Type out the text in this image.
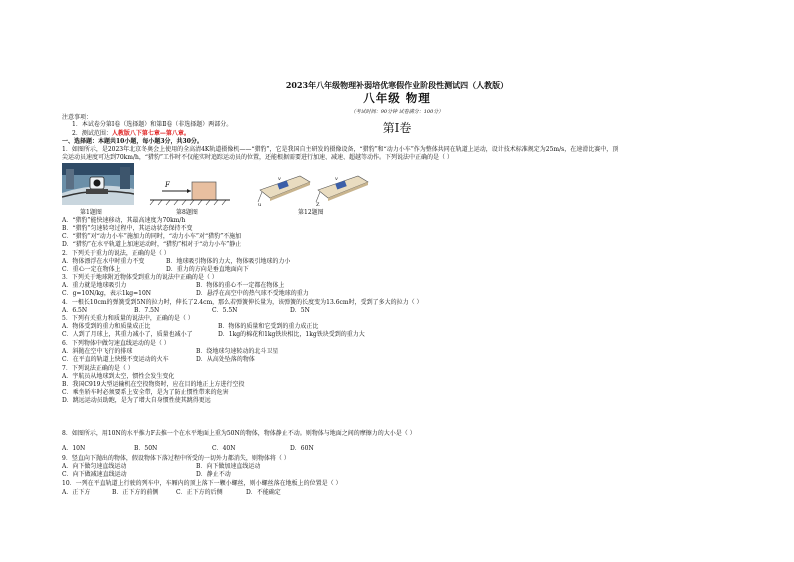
2023年八年级物理补弱培优寒假作业阶段性测试四（人教版）
八年级 物理
（考试时间：90分钟 试卷满分：100分）
注意事项：
1．本试卷分第Ⅰ卷（选择题）和第Ⅱ卷（非选择题）两部分。
2．测试范围：人教版八下第七章—第八章。	第Ⅰ卷
一、选择题：本题共10小题，每小题3分，共30分。
1．如图所示，是2023年北京冬奥会上使用的全高清4K轨道摄像机——“猎豹”，它是我国自主研发的摄像设备，“猎豹”和“动力小车”作为整体共同在轨道上运动，设计技术标准规定为25m/s，在速滑比赛中，顶
尖运动员速度可达到70km/h，“猎豹”工作时不仅能实时追踪运动员的位置，还能根据需要进行加速、减速、超越等动作。下列说法中正确的是（ ）
第1题图
F
第8题图
v	v
u	Z
第12题图
A．“猎豹”能快速移动，其最高速度为70km/h
B．“猎豹”匀速转弯过程中，其运动状态保持不变
C．“猎豹”对“动力小车”施加力的同时，“动力小车”对“猎豹”不施加
D．“猎豹”在水平轨道上加速运动时，“猎豹”相对于“动力小车”静止
2．下列关于重力的说法，正确的是（ ）
A．物体漂浮在水中时重力不变	B．地球吸引物体的力大，物体吸引地球的力小
C．重心一定在物体上	D．重力的方向是垂直地面向下
3．下列关于地球附近物体受到重力的说法中正确的是（ ）
A．重力就是地球吸引力	B．物体的重心不一定都在物体上
C．g=10N/kg，表示1kg=10N	D．悬浮在高空中的热气球不受地球的重力
4．一根长10cm的弹簧受到5N的拉力时，伸长了2.4cm，那么若弹簧伸长量为，该弹簧的长度变为13.6cm时，受到了多大的拉力（ ）
A．6.5N	B．7.5N	C．5.5N	D．5N
5．下列有关重力和质量的说法中，正确的是（ ）
A．物体受到的重力和质量成正比	B．物体的质量和它受到的重力成正比
C．人到了月球上，其重力减小了，质量也减小了	D．1kg的棉花和1kg铁块相比，1kg铁块受到的重力大
6．下列物体中做匀速直线运动的是（ ）
A．斜抛在空中飞行的排球	B．绕地球匀速转动的北斗卫星
C．在平直的轨道上快慢不变运动的火车	D．从高处坠落的物体
7．下列说法正确的是（ ）
A．宇航员从地球到太空，惯性会发生变化
B．我国C919大型运输机在空投物资时，应在目的地正上方进行空投
C．乘坐轿车时必须要系上安全带，是为了防止惯性带来的危害
D．跳远运动员助跑，是为了增大自身惯性使其跳得更远
8．如图所示，用10N的水平推力F去推一个在水平地面上重为50N的物体，物体静止不动。则物体与地面之间的摩擦力的大小是（ ）
A．10N	B．50N	C．40N	D．60N
9．竖直向下抛出的物体，假设物体下落过程中所受的一切外力都消失，则物体将（ ）
A．向下做匀速直线运动	B．向下做加速直线运动
C．向下做减速直线运动	D．静止不动
10．一列在平直轨道上行驶的列车中，车厢内的顶上落下一颗小螺丝，则小螺丝落在地板上的位置是（ ）
A．正下方	B．正下方的前侧	C．正下方的后侧	D．不能确定
